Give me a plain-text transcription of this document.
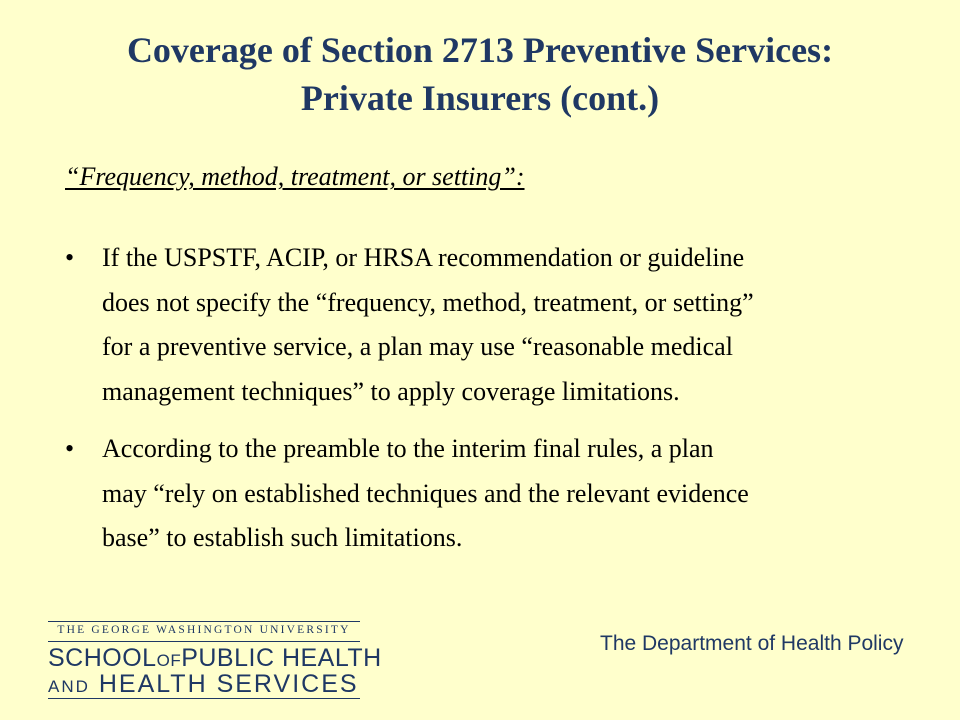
Coverage of Section 2713 Preventive Services:
Private Insurers (cont.)
“Frequency, method, treatment, or setting”:
• If the USPSTF, ACIP, or HRSA recommendation or guideline
does not specify the “frequency, method, treatment, or setting”
for a preventive service, a plan may use “reasonable medical
management techniques” to apply coverage limitations.
• According to the preamble to the interim final rules, a plan
may “rely on established techniques and the relevant evidence
base” to establish such limitations.
THE GEORGE WASHINGTON UNIVERSITY
SCHOOLOFPUBLIC HEALTH
AND HEALTH SERVICES
The Department of Health Policy
